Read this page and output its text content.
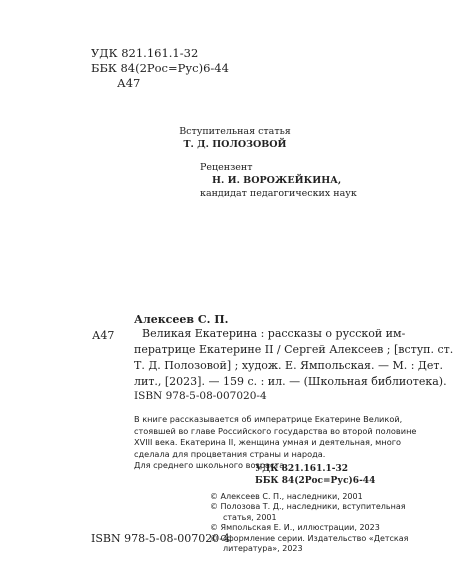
УДК 821.161.1-32
ББК 84(2Рос=Рус)6-44
А47
Вступительная статья
Т. Д. ПОЛОЗОВОЙ
Рецензент
Н. И. ВОРОЖЕЙКИНА,
кандидат педагогических наук
Алексеев С. П.
А47	Великая Екатерина : рассказы о русской им-
ператрице Екатерине II / Сергей Алексеев ; [вступ. ст.
Т. Д. Полозовой] ; худож. Е. Ямпольская. — М. : Дет.
лит., [2023]. — 159 с. : ил. — (Школьная библиотека).
ISBN 978-5-08-007020-4
В книге рассказывается об императрице Екатерине Великой,
стоявшей во главе Российского государства во второй половине
XVIII века. Екатерина II, женщина умная и деятельная, много
сделала для процветания страны и народа.
Для среднего школьного возраста.
УДК 821.161.1-32
ББК 84(2Рос=Рус)6-44
© Алексеев С. П., наследники, 2001
© Полозова Т. Д., наследники, вступительная
статья, 2001
© Ямпольская Е. И., иллюстрации, 2023
© Оформление серии. Издательство «Детская
литература», 2023
ISBN 978-5-08-007020-4
